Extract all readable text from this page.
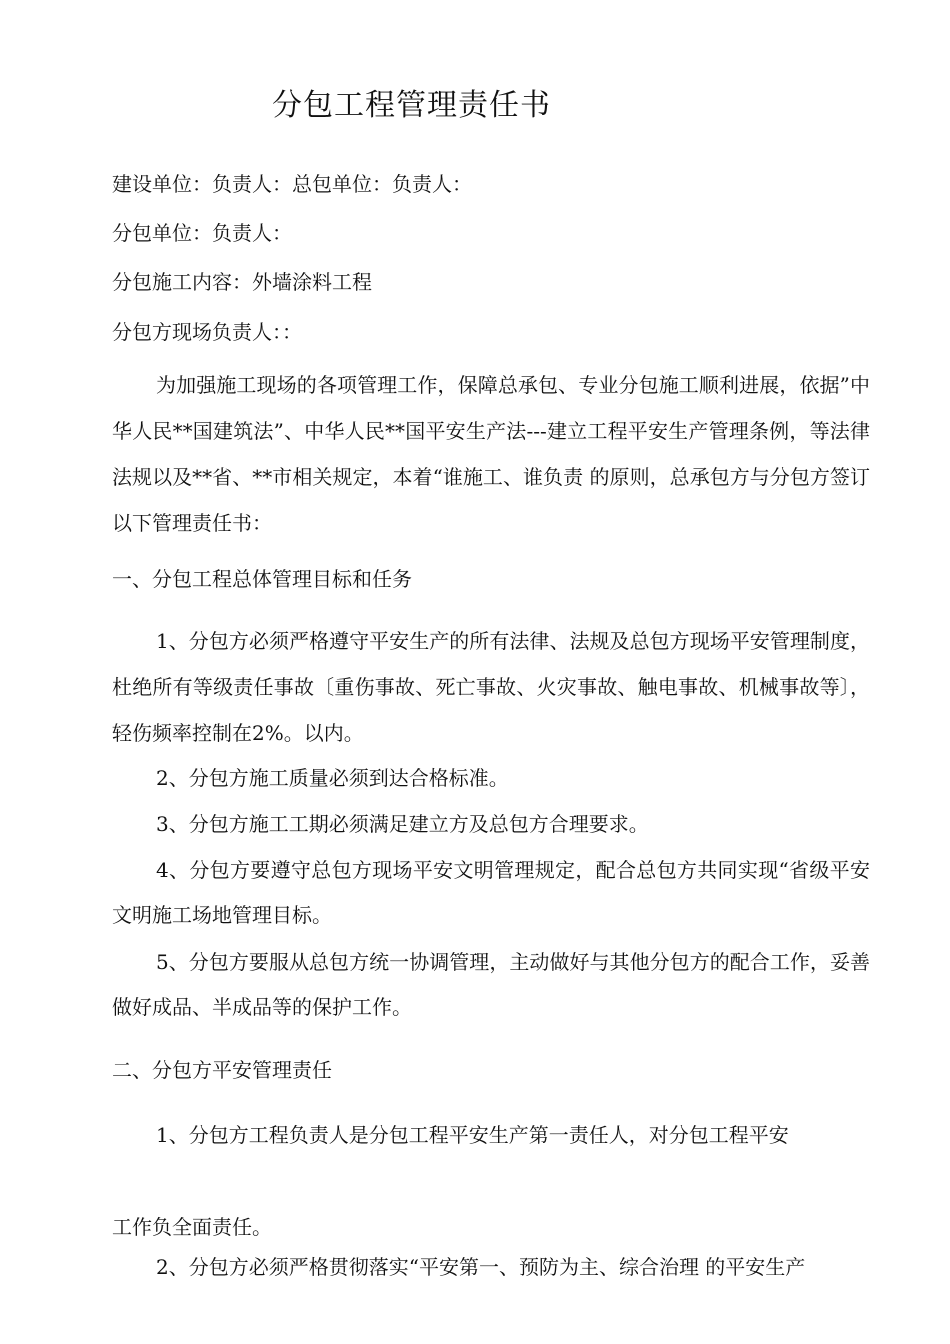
分包工程管理责任书
建设单位：负责人：总包单位：负责人：
分包单位：负责人：
分包施工内容：外墙涂料工程
分包方现场负责人：：

为加强施工现场的各项管理工作，保障总承包、专业分包施工顺利进展，依据”中华人民**国建筑法”、中华人民**国平安生产法---建立工程平安生产管理条例，等法律法规以及**省、**市相关规定，本着“谁施工、谁负责 的原则，总承包方与分包方签订以下管理责任书：

一、分包工程总体管理目标和任务

1、分包方必须严格遵守平安生产的所有法律、法规及总包方现场平安管理制度，杜绝所有等级责任事故〔重伤事故、死亡事故、火灾事故、触电事故、机械事故等〕，轻伤频率控制在2%。以内。

2、分包方施工质量必须到达合格标准。

3、分包方施工工期必须满足建立方及总包方合理要求。

4、分包方要遵守总包方现场平安文明管理规定，配合总包方共同实现“省级平安文明施工场地管理目标。

5、分包方要服从总包方统一协调管理，主动做好与其他分包方的配合工作，妥善做好成品、半成品等的保护工作。

二、分包方平安管理责任

1、分包方工程负责人是分包工程平安生产第一责任人，对分包工程平安

工作负全面责任。

2、分包方必须严格贯彻落实“平安第一、预防为主、综合治理 的平安生产
